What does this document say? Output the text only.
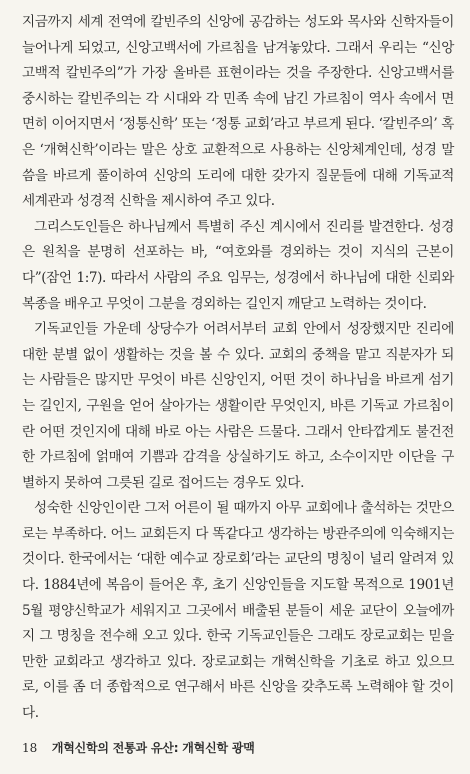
지금까지 세계 전역에 칼빈주의 신앙에 공감하는 성도와 목사와 신학자들이 늘어나게 되었고, 신앙고백서에 가르침을 남겨놓았다. 그래서 우리는 “신앙고백적 칼빈주의”가 가장 올바른 표현이라는 것을 주장한다. 신앙고백서를 중시하는 칼빈주의는 각 시대와 각 민족 속에 남긴 가르침이 역사 속에서 면면히 이어지면서 ‘정통신학’ 또는 ‘정통 교회’라고 부르게 된다. ‘칼빈주의’ 혹은 ‘개혁신학’이라는 말은 상호 교환적으로 사용하는 신앙체계인데, 성경 말씀을 바르게 풀이하여 신앙의 도리에 대한 갖가지 질문들에 대해 기독교적 세계관과 성경적 신학을 제시하여 주고 있다.

그리스도인들은 하나님께서 특별히 주신 계시에서 진리를 발견한다. 성경은 원칙을 분명히 선포하는 바, “여호와를 경외하는 것이 지식의 근본이다”(잠언 1:7). 따라서 사람의 주요 임무는, 성경에서 하나님에 대한 신뢰와 복종을 배우고 무엇이 그분을 경외하는 길인지 깨닫고 노력하는 것이다.

기독교인들 가운데 상당수가 어려서부터 교회 안에서 성장했지만 진리에 대한 분별 없이 생활하는 것을 볼 수 있다. 교회의 중책을 맡고 직분자가 되는 사람들은 많지만 무엇이 바른 신앙인지, 어떤 것이 하나님을 바르게 섬기는 길인지, 구원을 얻어 살아가는 생활이란 무엇인지, 바른 기독교 가르침이란 어떤 것인지에 대해 바로 아는 사람은 드물다. 그래서 안타깝게도 불건전한 가르침에 얽매여 기쁨과 감격을 상실하기도 하고, 소수이지만 이단을 구별하지 못하여 그릇된 길로 접어드는 경우도 있다.

성숙한 신앙인이란 그저 어른이 될 때까지 아무 교회에나 출석하는 것만으로는 부족하다. 어느 교회든지 다 똑같다고 생각하는 방관주의에 익숙해지는 것이다. 한국에서는 ‘대한 예수교 장로회’라는 교단의 명칭이 널리 알려져 있다. 1884년에 복음이 들어온 후, 초기 신앙인들을 지도할 목적으로 1901년 5월 평양신학교가 세워지고 그곳에서 배출된 분들이 세운 교단이 오늘에까지 그 명칭을 전수해 오고 있다. 한국 기독교인들은 그래도 장로교회는 믿을 만한 교회라고 생각하고 있다. 장로교회는 개혁신학을 기초로 하고 있으므로, 이를 좀 더 종합적으로 연구해서 바른 신앙을 갖추도록 노력해야 할 것이다.

18 개혁신학의 전통과 유산: 개혁신학 광맥
